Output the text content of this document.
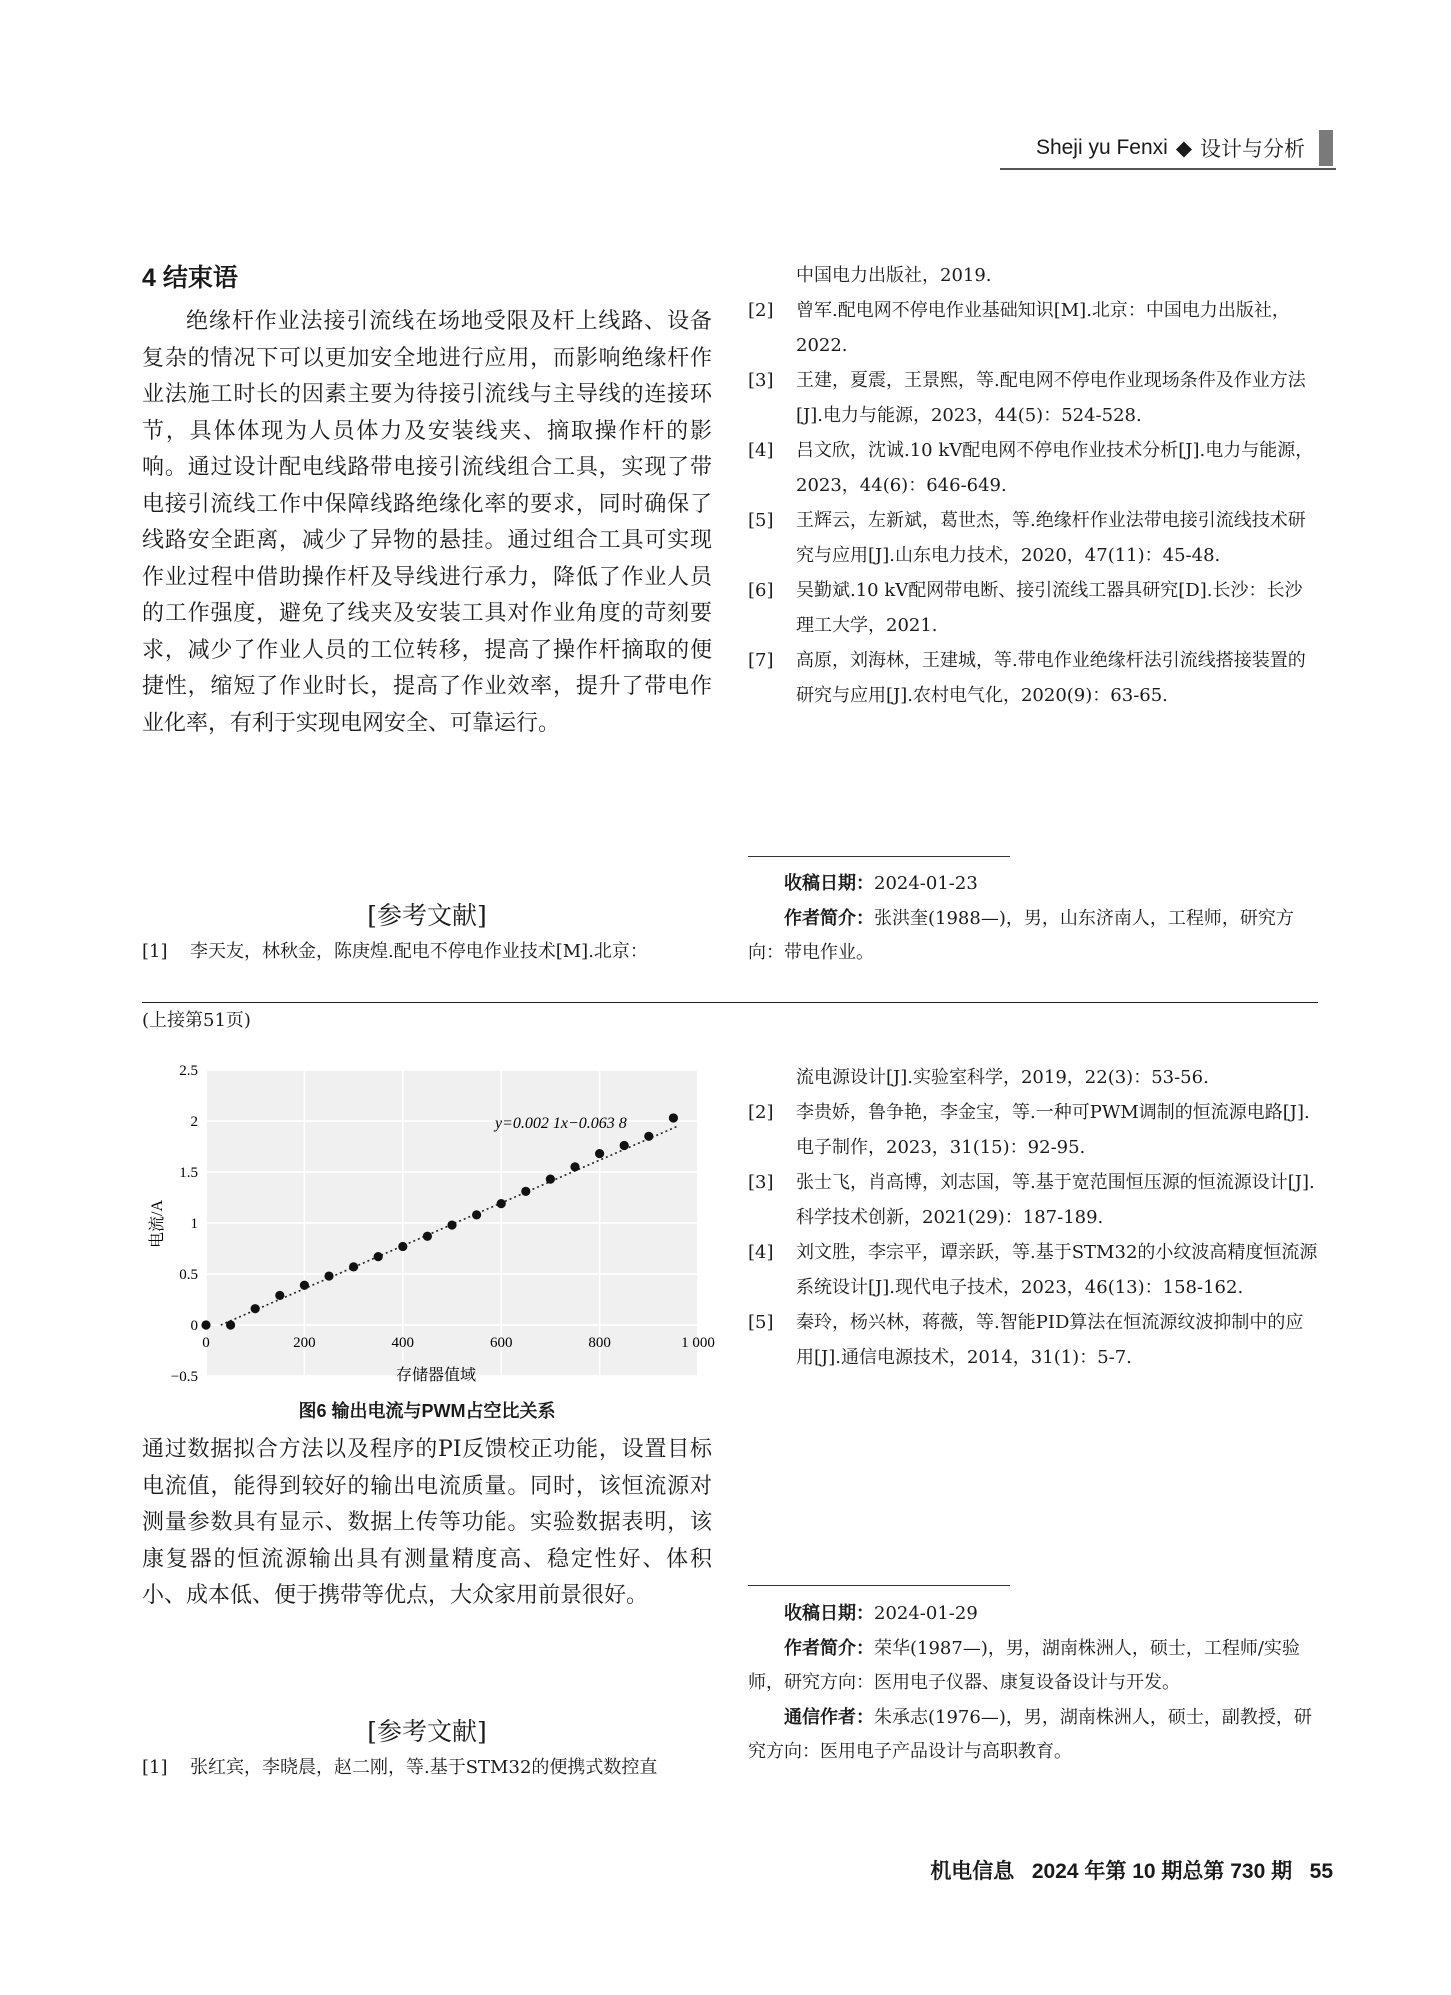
Sheji yu Fenxi ◆ 设计与分析
4 结束语

绝缘杆作业法接引流线在场地受限及杆上线路、设备复杂的情况下可以更加安全地进行应用，而影响绝缘杆作业法施工时长的因素主要为待接引流线与主导线的连接环节，具体体现为人员体力及安装线夹、摘取操作杆的影响。通过设计配电线路带电接引流线组合工具，实现了带电接引流线工作中保障线路绝缘化率的要求，同时确保了线路安全距离，减少了异物的悬挂。通过组合工具可实现作业过程中借助操作杆及导线进行承力，降低了作业人员的工作强度，避免了线夹及安装工具对作业角度的苛刻要求，减少了作业人员的工位转移，提高了操作杆摘取的便捷性，缩短了作业时长，提高了作业效率，提升了带电作业化率，有利于实现电网安全、可靠运行。

[参考文献]
[1] 李天友，林秋金，陈庚煌.配电不停电作业技术[M].北京：
中国电力出版社，2019.
[2] 曾军.配电网不停电作业基础知识[M].北京：中国电力出版社，2022.
[3] 王建，夏震，王景熙，等.配电网不停电作业现场条件及作业方法[J].电力与能源，2023，44(5)：524-528.
[4] 吕文欣，沈诚.10 kV配电网不停电作业技术分析[J].电力与能源，2023，44(6)：646-649.
[5] 王辉云，左新斌，葛世杰，等.绝缘杆作业法带电接引流线技术研究与应用[J].山东电力技术，2020，47(11)：45-48.
[6] 吴勤斌.10 kV配网带电断、接引流线工器具研究[D].长沙：长沙理工大学，2021.
[7] 高原，刘海林，王建城，等.带电作业绝缘杆法引流线搭接装置的研究与应用[J].农村电气化，2020(9)：63-65.
收稿日期：2024-01-23
作者简介：张洪奎(1988—)，男，山东济南人，工程师，研究方向：带电作业。
(上接第51页)
−0.5
0
0.5
1
1.5
2
2.5
0	200	400	600	800	1 000
y=0.002 1x−0.063 8
存储器值域
电流/A
图6 输出电流与PWM占空比关系

通过数据拟合方法以及程序的PI反馈校正功能，设置目标电流值，能得到较好的输出电流质量。同时，该恒流源对测量参数具有显示、数据上传等功能。实验数据表明，该康复器的恒流源输出具有测量精度高、稳定性好、体积小、成本低、便于携带等优点，大众家用前景很好。

[参考文献]
[1] 张红宾，李晓晨，赵二刚，等.基于STM32的便携式数控直
流电源设计[J].实验室科学，2019，22(3)：53-56.
[2] 李贵娇，鲁争艳，李金宝，等.一种可PWM调制的恒流源电路[J].电子制作，2023，31(15)：92-95.
[3] 张士飞，肖高博，刘志国，等.基于宽范围恒压源的恒流源设计[J].科学技术创新，2021(29)：187-189.
[4] 刘文胜，李宗平，谭亲跃，等.基于STM32的小纹波高精度恒流源系统设计[J].现代电子技术，2023，46(13)：158-162.
[5] 秦玲，杨兴林，蒋薇，等.智能PID算法在恒流源纹波抑制中的应用[J].通信电源技术，2014，31(1)：5-7.
收稿日期：2024-01-29
作者简介：荣华(1987—)，男，湖南株洲人，硕士，工程师/实验师，研究方向：医用电子仪器、康复设备设计与开发。
通信作者：朱承志(1976—)，男，湖南株洲人，硕士，副教授，研究方向：医用电子产品设计与高职教育。
机电信息 2024 年第 10 期总第 730 期 55
